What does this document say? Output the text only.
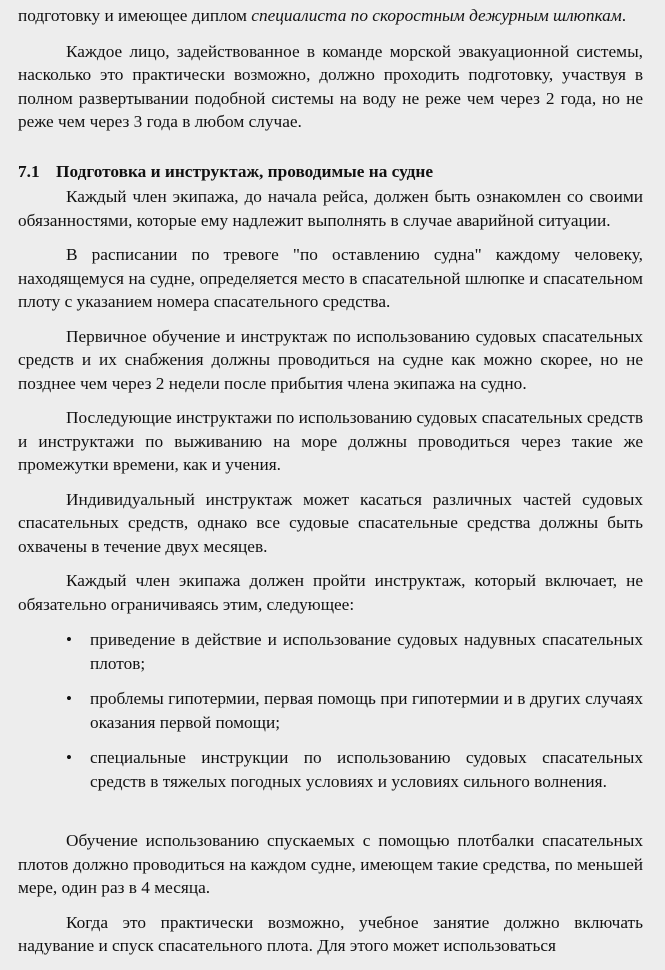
подготовку и имеющее диплом специалиста по скоростным дежурным шлюпкам.

Каждое лицо, задействованное в команде морской эвакуационной системы, насколько это практически возможно, должно проходить подготовку, участвуя в полном развертывании подобной системы на воду не реже чем через 2 года, но не реже чем через 3 года в любом случае.

7.1 Подготовка и инструктаж, проводимые на судне

Каждый член экипажа, до начала рейса, должен быть ознакомлен со своими обязанностями, которые ему надлежит выполнять в случае аварийной ситуации.

В расписании по тревоге "по оставлению судна" каждому человеку, находящемуся на судне, определяется место в спасательной шлюпке и спасательном плоту с указанием номера спасательного средства.

Первичное обучение и инструктаж по использованию судовых спасательных средств и их снабжения должны проводиться на судне как можно скорее, но не позднее чем через 2 недели после прибытия члена экипажа на судно.

Последующие инструктажи по использованию судовых спасательных средств и инструктажи по выживанию на море должны проводиться через такие же промежутки времени, как и учения.

Индивидуальный инструктаж может касаться различных частей судовых спасательных средств, однако все судовые спасательные средства должны быть охвачены в течение двух месяцев.

Каждый член экипажа должен пройти инструктаж, который включает, не обязательно ограничиваясь этим, следующее:

• приведение в действие и использование судовых надувных спасательных плотов;

• проблемы гипотермии, первая помощь при гипотермии и в других случаях оказания первой помощи;

• специальные инструкции по использованию судовых спасательных средств в тяжелых погодных условиях и условиях сильного волнения.

Обучение использованию спускаемых с помощью плотбалки спасательных плотов должно проводиться на каждом судне, имеющем такие средства, по меньшей мере, один раз в 4 месяца.

Когда это практически возможно, учебное занятие должно включать надувание и спуск спасательного плота. Для этого может использоваться
